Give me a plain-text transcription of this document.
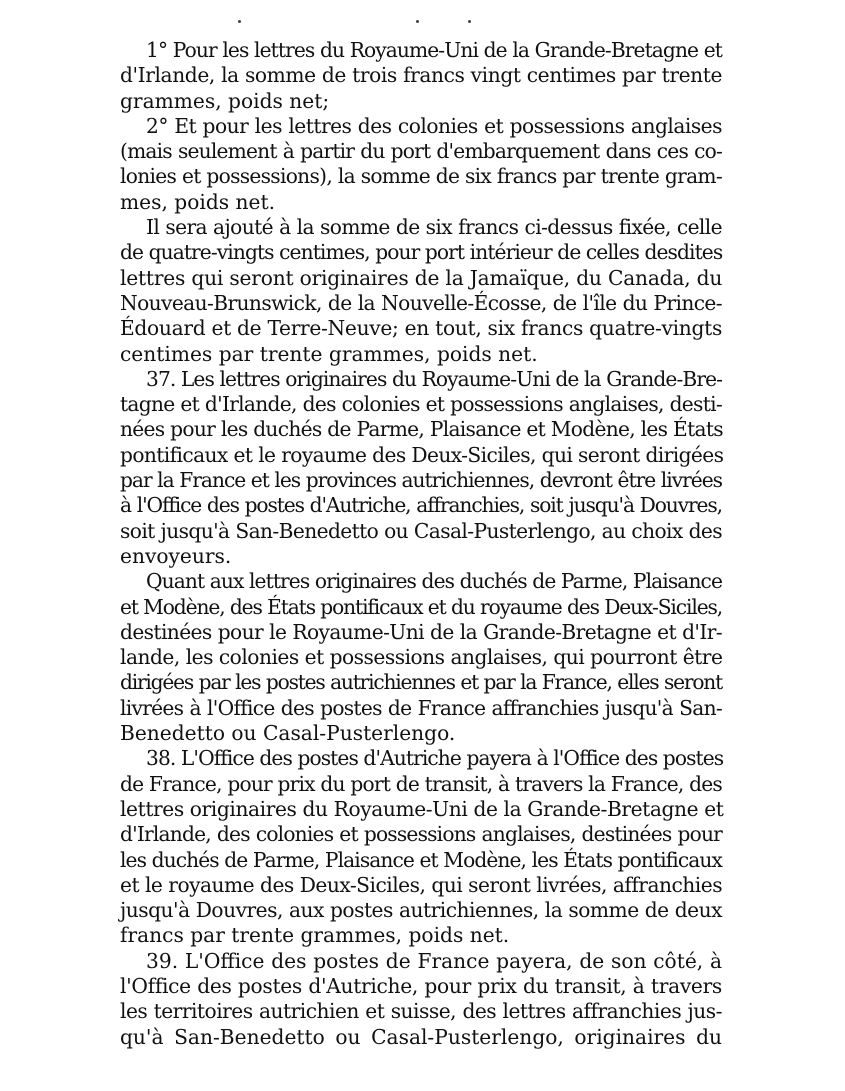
1° Pour les lettres du Royaume-Uni de la Grande-Bretagne et
d'Irlande, la somme de trois francs vingt centimes par trente
grammes, poids net;
2° Et pour les lettres des colonies et possessions anglaises
(mais seulement à partir du port d'embarquement dans ces co-
lonies et possessions), la somme de six francs par trente gram-
mes, poids net.
Il sera ajouté à la somme de six francs ci-dessus fixée, celle
de quatre-vingts centimes, pour port intérieur de celles desdites
lettres qui seront originaires de la Jamaïque, du Canada, du
Nouveau-Brunswick, de la Nouvelle-Écosse, de l'île du Prince-
Édouard et de Terre-Neuve; en tout, six francs quatre-vingts
centimes par trente grammes, poids net.
37. Les lettres originaires du Royaume-Uni de la Grande-Bre-
tagne et d'Irlande, des colonies et possessions anglaises, desti-
nées pour les duchés de Parme, Plaisance et Modène, les États
pontificaux et le royaume des Deux-Siciles, qui seront dirigées
par la France et les provinces autrichiennes, devront être livrées
à l'Office des postes d'Autriche, affranchies, soit jusqu'à Douvres,
soit jusqu'à San-Benedetto ou Casal-Pusterlengo, au choix des
envoyeurs.
Quant aux lettres originaires des duchés de Parme, Plaisance
et Modène, des États pontificaux et du royaume des Deux-Siciles,
destinées pour le Royaume-Uni de la Grande-Bretagne et d'Ir-
lande, les colonies et possessions anglaises, qui pourront être
dirigées par les postes autrichiennes et par la France, elles seront
livrées à l'Office des postes de France affranchies jusqu'à San-
Benedetto ou Casal-Pusterlengo.
38. L'Office des postes d'Autriche payera à l'Office des postes
de France, pour prix du port de transit, à travers la France, des
lettres originaires du Royaume-Uni de la Grande-Bretagne et
d'Irlande, des colonies et possessions anglaises, destinées pour
les duchés de Parme, Plaisance et Modène, les États pontificaux
et le royaume des Deux-Siciles, qui seront livrées, affranchies
jusqu'à Douvres, aux postes autrichiennes, la somme de deux
francs par trente grammes, poids net.
39. L'Office des postes de France payera, de son côté, à
l'Office des postes d'Autriche, pour prix du transit, à travers
les territoires autrichien et suisse, des lettres affranchies jus-
qu'à San-Benedetto ou Casal-Pusterlengo, originaires du
